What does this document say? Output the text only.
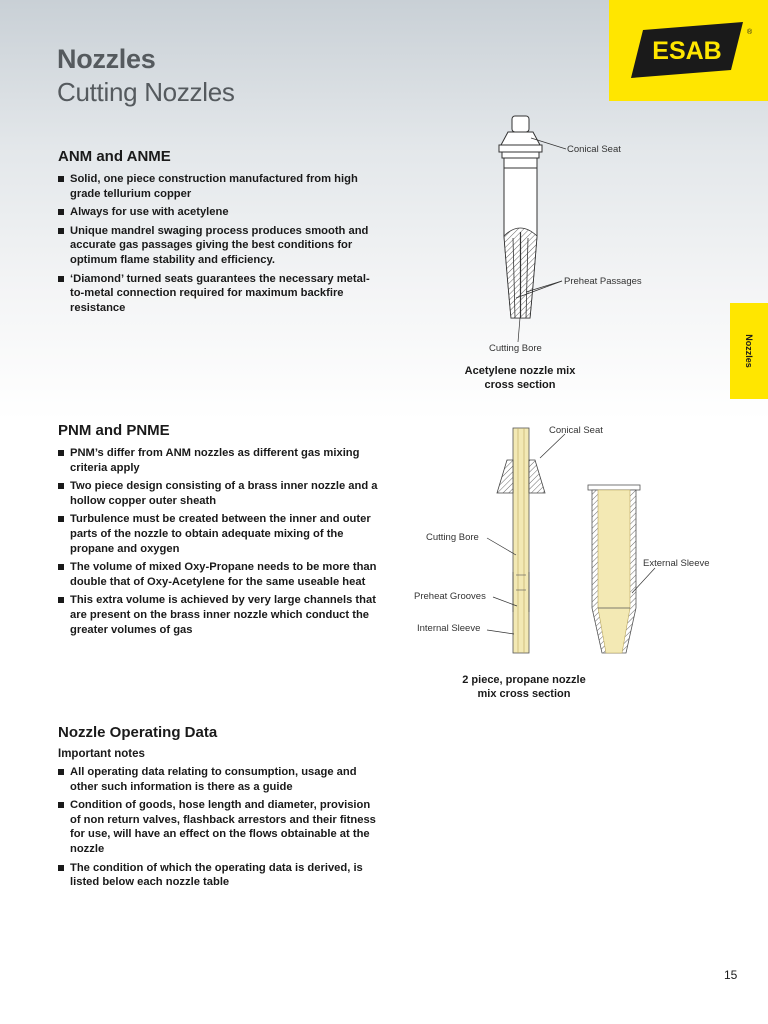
ESAB
®
Nozzles
Nozzles
Cutting Nozzles
ANM and ANME
Solid, one piece construction manufactured from high grade tellurium copper
Always for use with acetylene
Unique mandrel swaging process produces smooth and accurate gas passages giving the best conditions for optimum flame stability and efficiency.
‘Diamond’ turned seats guarantees the necessary metal-to-metal connection required for maximum backfire resistance
PNM and PNME
PNM’s differ from ANM nozzles as different gas mixing criteria apply
Two piece design consisting of a brass inner nozzle and a hollow copper outer sheath
Turbulence must be created between the inner and outer parts of the nozzle to obtain adequate mixing of the propane and oxygen
The volume of mixed Oxy-Propane needs to be more than double that of Oxy-Acetylene for the same useable heat
This extra volume is achieved by very large channels that are present on the brass inner nozzle which conduct the greater volumes of gas
Nozzle Operating Data
Important notes
All operating data relating to consumption, usage and other such information is there as a guide
Condition of goods, hose length and diameter, provision of non return valves, flashback arrestors and their fitness for use, will have an effect on the flows obtainable at the nozzle
The condition of which the operating data is derived, is listed below each nozzle table
Conical Seat
Preheat Passages
Cutting Bore
Conical Seat
Cutting Bore
Preheat Grooves
Internal Sleeve
External Sleeve
Acetylene nozzle mix
cross section
2 piece, propane nozzle
mix cross section
15
